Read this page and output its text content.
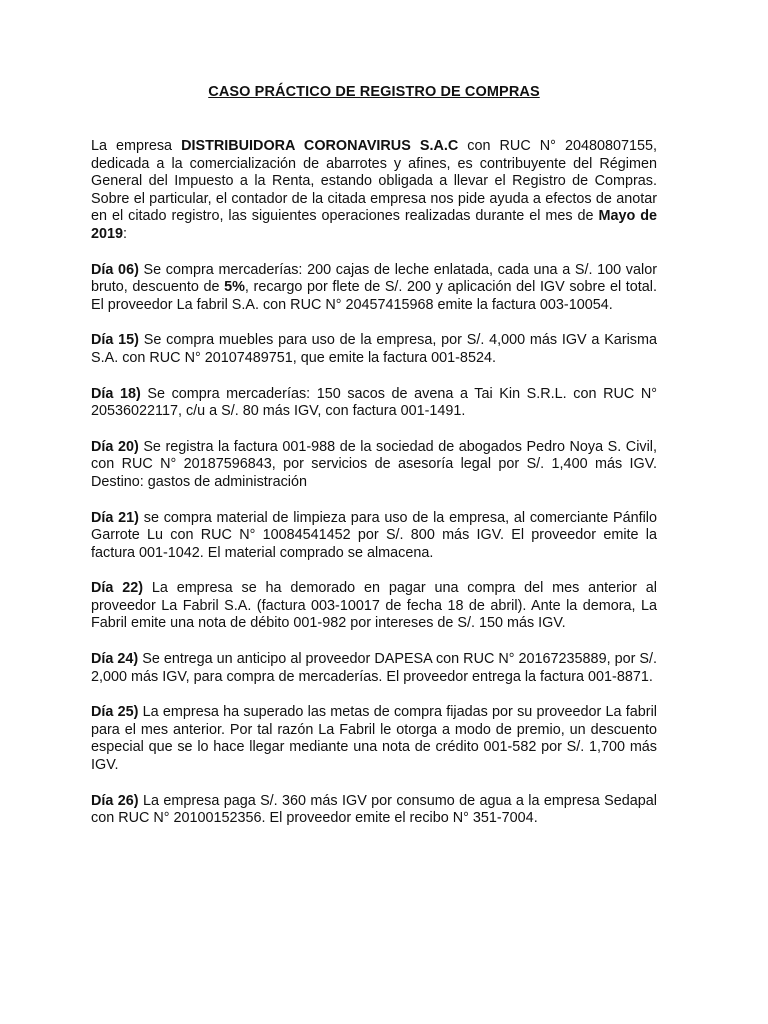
CASO PRÁCTICO DE REGISTRO DE COMPRAS

La empresa DISTRIBUIDORA CORONAVIRUS S.A.C con RUC N° 20480807155, dedicada a la comercialización de abarrotes y afines, es contribuyente del Régimen General del Impuesto a la Renta, estando obligada a llevar el Registro de Compras. Sobre el particular, el contador de la citada empresa nos pide ayuda a efectos de anotar en el citado registro, las siguientes operaciones realizadas durante el mes de Mayo de 2019:

Día 06) Se compra mercaderías: 200 cajas de leche enlatada, cada una a S/. 100 valor bruto, descuento de 5%, recargo por flete de S/. 200 y aplicación del IGV sobre el total. El proveedor La fabril S.A. con RUC N° 20457415968 emite la factura 003-10054.

Día 15) Se compra muebles para uso de la empresa, por S/. 4,000 más IGV a Karisma S.A. con RUC N° 20107489751, que emite la factura 001-8524.

Día 18) Se compra mercaderías: 150 sacos de avena a Tai Kin S.R.L. con RUC N° 20536022117, c/u a S/. 80 más IGV, con factura 001-1491.

Día 20) Se registra la factura 001-988 de la sociedad de abogados Pedro Noya S. Civil, con RUC N° 20187596843, por servicios de asesoría legal por S/. 1,400 más IGV. Destino: gastos de administración

Día 21) se compra material de limpieza para uso de la empresa, al comerciante Pánfilo Garrote Lu con RUC N° 10084541452 por S/. 800 más IGV. El proveedor emite la factura 001-1042. El material comprado se almacena.

Día 22) La empresa se ha demorado en pagar una compra del mes anterior al proveedor La Fabril S.A. (factura 003-10017 de fecha 18 de abril). Ante la demora, La Fabril emite una nota de débito 001-982 por intereses de S/. 150 más IGV.

Día 24) Se entrega un anticipo al proveedor DAPESA con RUC N° 20167235889, por S/. 2,000 más IGV, para compra de mercaderías. El proveedor entrega la factura 001-8871.

Día 25) La empresa ha superado las metas de compra fijadas por su proveedor La fabril para el mes anterior. Por tal razón La Fabril le otorga a modo de premio, un descuento especial que se lo hace llegar mediante una nota de crédito 001-582 por S/. 1,700 más IGV.

Día 26) La empresa paga S/. 360 más IGV por consumo de agua a la empresa Sedapal con RUC N° 20100152356. El proveedor emite el recibo N° 351-7004.
